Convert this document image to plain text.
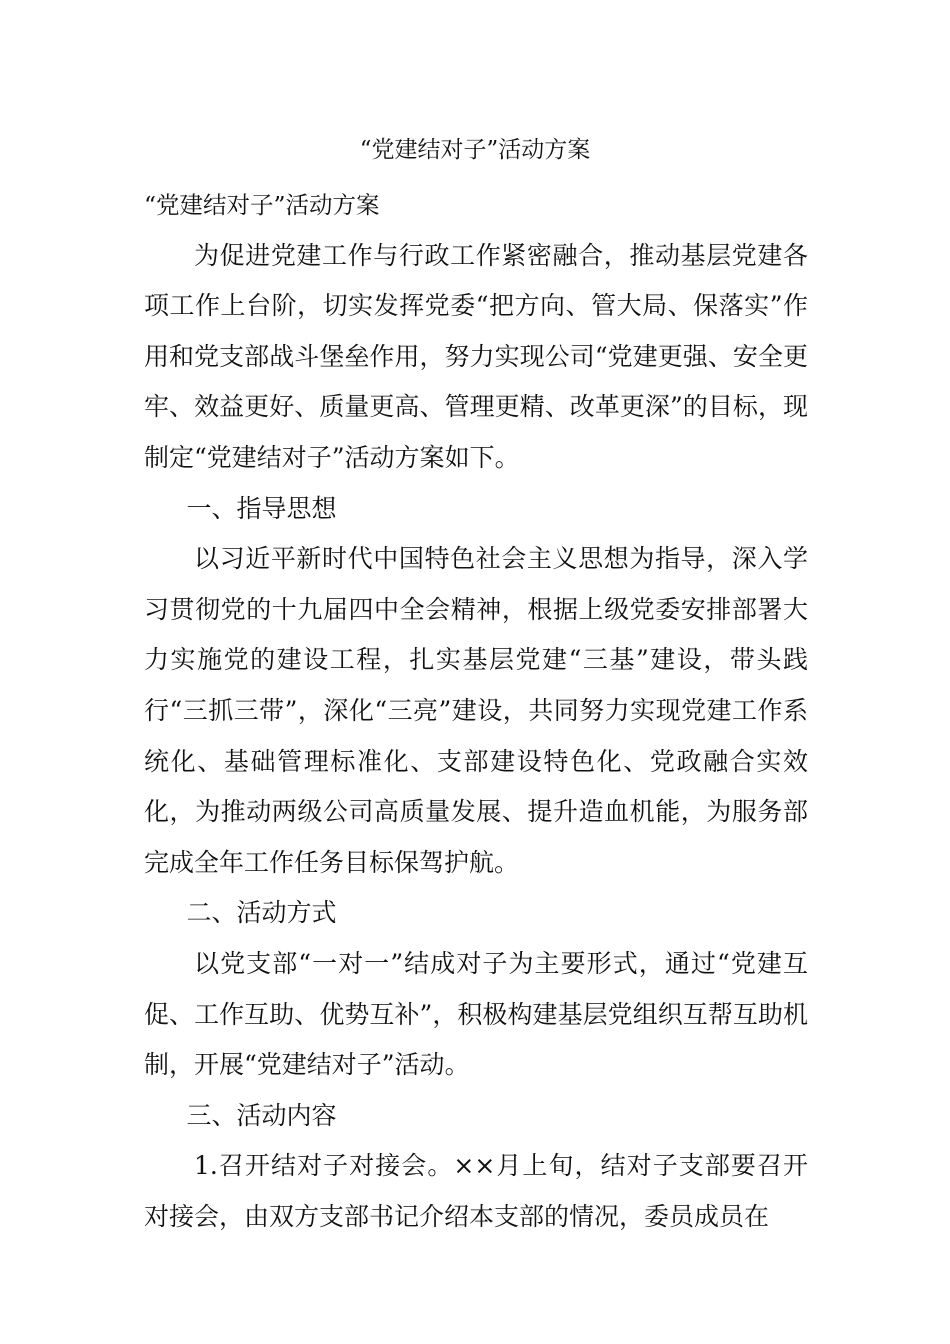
“党建结对子”活动方案

“党建结对子”活动方案

为促进党建工作与行政工作紧密融合，推动基层党建各项工作上台阶，切实发挥党委“把方向、管大局、保落实”作用和党支部战斗堡垒作用，努力实现公司“党建更强、安全更牢、效益更好、质量更高、管理更精、改革更深”的目标，现制定“党建结对子”活动方案如下。

一、指导思想

以习近平新时代中国特色社会主义思想为指导，深入学习贯彻党的十九届四中全会精神，根据上级党委安排部署大力实施党的建设工程，扎实基层党建“三基”建设，带头践行“三抓三带”，深化“三亮”建设，共同努力实现党建工作系统化、基础管理标准化、支部建设特色化、党政融合实效化，为推动两级公司高质量发展、提升造血机能，为服务部完成全年工作任务目标保驾护航。

二、活动方式

以党支部“一对一”结成对子为主要形式，通过“党建互促、工作互助、优势互补”，积极构建基层党组织互帮互助机制，开展“党建结对子”活动。

三、活动内容

1.召开结对子对接会。××月上旬，结对子支部要召开对接会，由双方支部书记介绍本支部的情况，委员成员在
